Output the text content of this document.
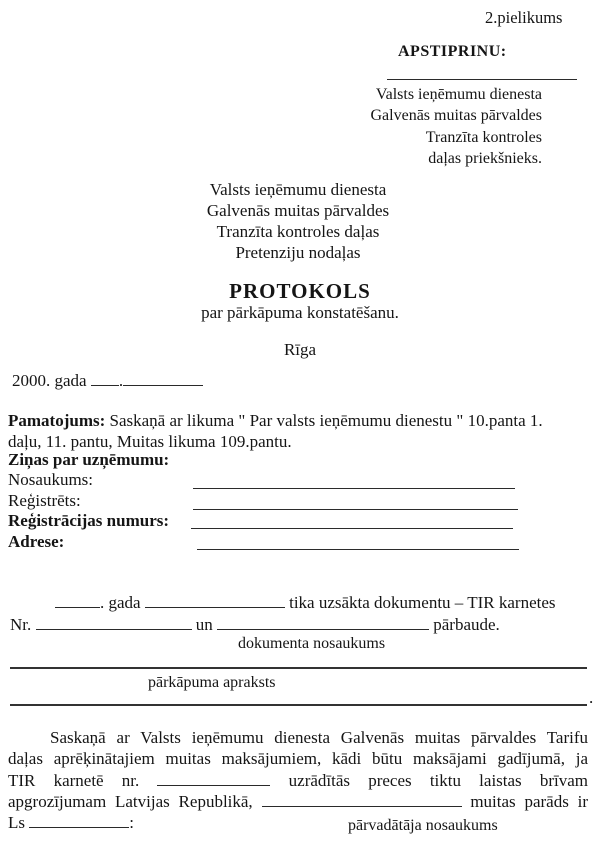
2.pielikums
APSTIPRINU:
Valsts ieņēmumu dienesta
Galvenās muitas pārvaldes
Tranzīta kontroles
daļas priekšnieks.
Valsts ieņēmumu dienesta
Galvenās muitas pārvaldes
Tranzīta kontroles daļas
Pretenziju nodaļas
PROTOKOLS
par pārkāpuma konstatēšanu.
Rīga
2000. gada .
Pamatojums: Saskaņā ar likuma " Par valsts ieņēmumu dienestu " 10.panta 1.
daļu, 11. pantu, Muitas likuma 109.pantu.
Ziņas par uzņēmumu:
Nosaukums:
Reģistrēts:
Reģistrācijas numurs:
Adrese:
. gada	tika uzsākta dokumentu – TIR karnetes
Nr.	un	pārbaude.
dokumenta nosaukums
pārkāpuma apraksts
.
Saskaņā ar Valsts ieņēmumu dienesta Galvenās muitas pārvaldes Tarifu
daļas aprēķinātajiem muitas maksājumiem, kādi būtu maksājami gadījumā, ja
TIR karnetē nr.	uzrādītās preces tiktu laistas brīvam
apgrozījumam Latvijas Republikā,	muitas parāds ir
Ls	:	pārvadātāja nosaukums
